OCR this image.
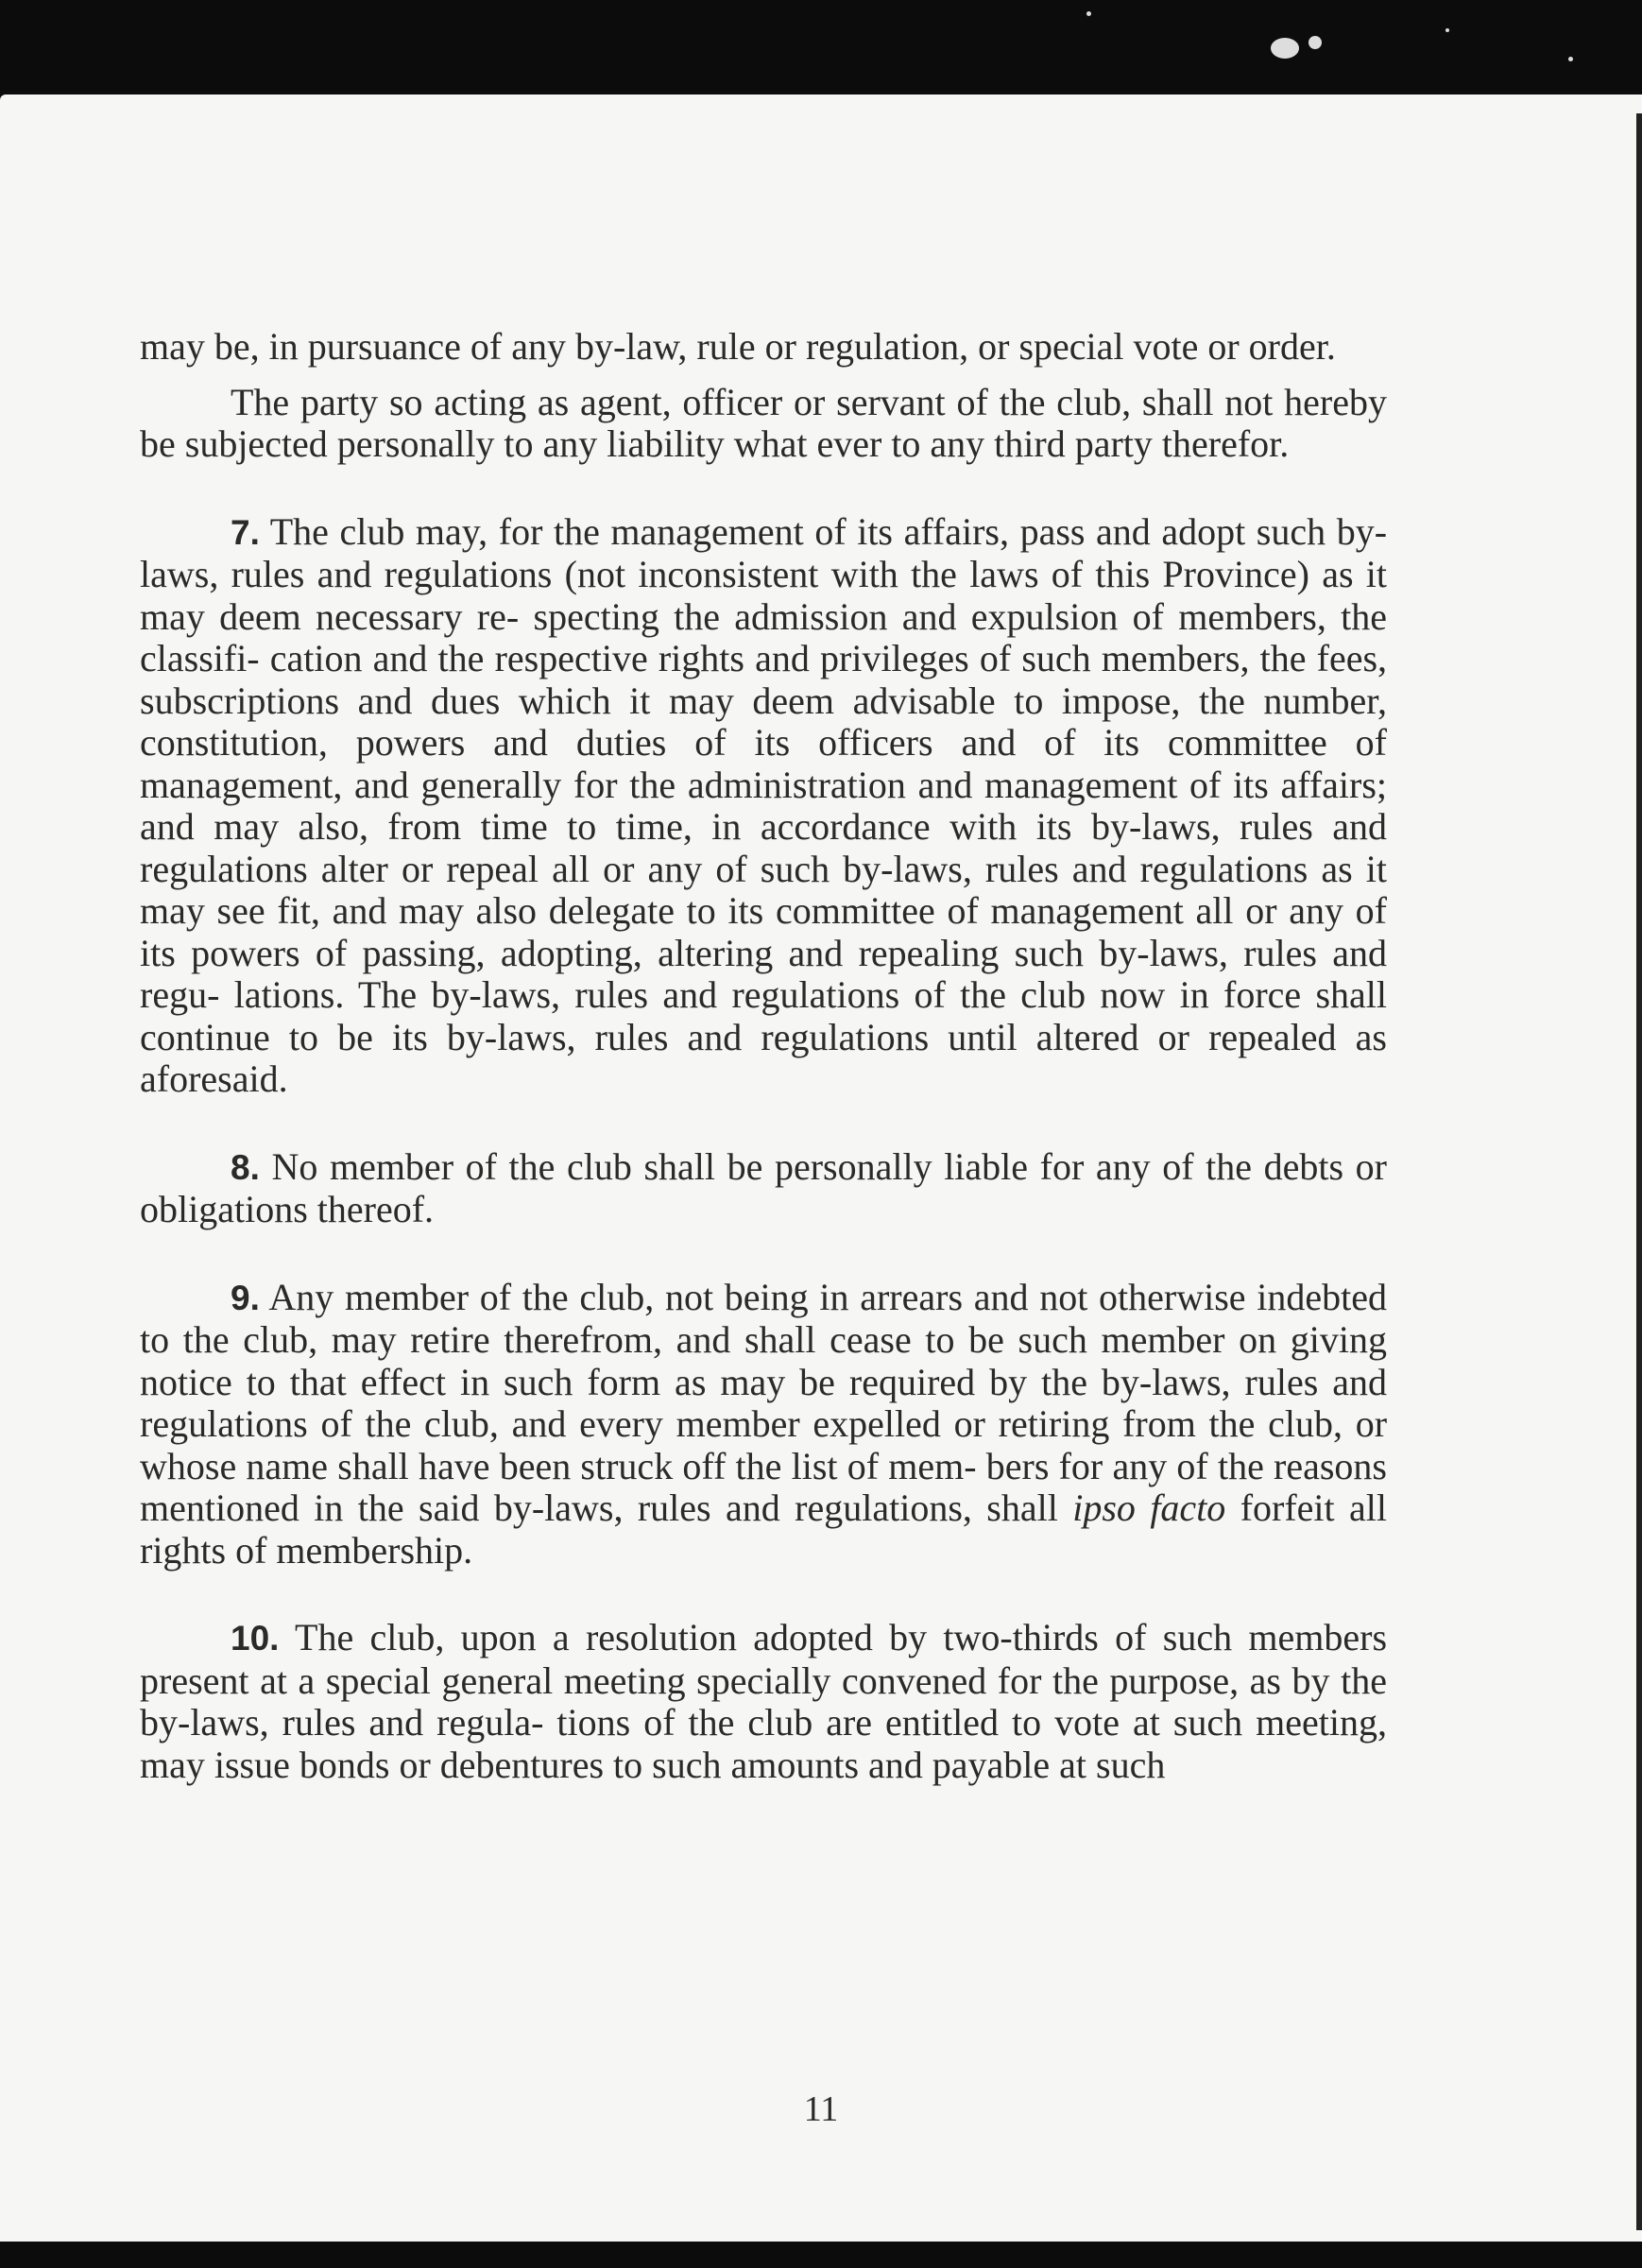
may be, in pursuance of any by-law, rule or regulation, or special vote or order.

The party so acting as agent, officer or servant of the club, shall not hereby be subjected personally to any liability what ever to any third party therefor.

7. The club may, for the management of its affairs, pass and adopt such by-laws, rules and regulations (not inconsistent with the laws of this Province) as it may deem necessary re- specting the admission and expulsion of members, the classifi- cation and the respective rights and privileges of such members, the fees, subscriptions and dues which it may deem advisable to impose, the number, constitution, powers and duties of its officers and of its committee of management, and generally for the administration and management of its affairs; and may also, from time to time, in accordance with its by-laws, rules and regulations alter or repeal all or any of such by-laws, rules and regulations as it may see fit, and may also delegate to its committee of management all or any of its powers of passing, adopting, altering and repealing such by-laws, rules and regu- lations. The by-laws, rules and regulations of the club now in force shall continue to be its by-laws, rules and regulations until altered or repealed as aforesaid.

8. No member of the club shall be personally liable for any of the debts or obligations thereof.

9. Any member of the club, not being in arrears and not otherwise indebted to the club, may retire therefrom, and shall cease to be such member on giving notice to that effect in such form as may be required by the by-laws, rules and regulations of the club, and every member expelled or retiring from the club, or whose name shall have been struck off the list of mem- bers for any of the reasons mentioned in the said by-laws, rules and regulations, shall ipso facto forfeit all rights of membership.

10. The club, upon a resolution adopted by two-thirds of such members present at a special general meeting specially convened for the purpose, as by the by-laws, rules and regula- tions of the club are entitled to vote at such meeting, may issue bonds or debentures to such amounts and payable at such

11
